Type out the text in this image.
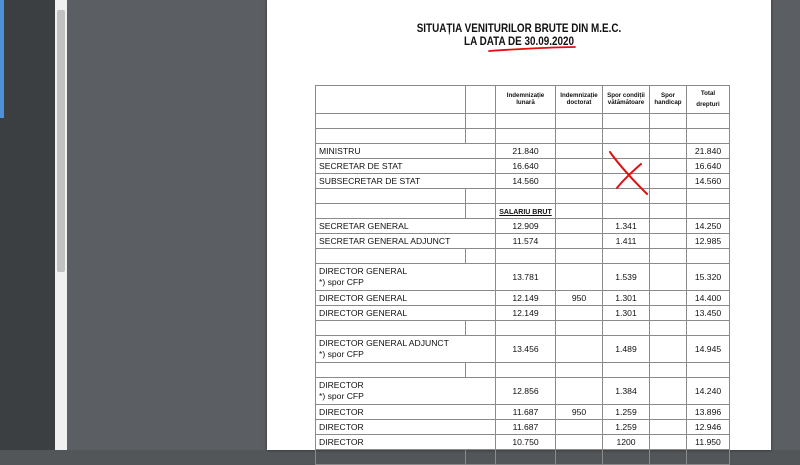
SITUAȚIA VENITURILOR BRUTE DIN M.E.C.
LA DATA DE 30.09.2020
		Indemnizație lunară	Indemnizație doctorat	Spor condiții vătămătoare	Spor handicap	Total
drepturi

MINISTRU		21.840				21.840
SECRETAR DE STAT		16.640				16.640
SUBSECRETAR DE STAT		14.560				14.560

		SALARIU BRUT				
SECRETAR GENERAL		12.909		1.341		14.250
SECRETAR GENERAL ADJUNCT		11.574		1.411		12.985

DIRECTOR GENERAL
*) spor CFP		13.781		1.539		15.320
DIRECTOR GENERAL		12.149	950	1.301		14.400
DIRECTOR GENERAL		12.149		1.301		13.450

DIRECTOR GENERAL ADJUNCT
*) spor CFP		13.456		1.489		14.945

DIRECTOR
*) spor CFP		12.856		1.384		14.240
DIRECTOR		11.687	950	1.259		13.896
DIRECTOR		11.687		1.259		12.946
DIRECTOR		10.750		1200		11.950
